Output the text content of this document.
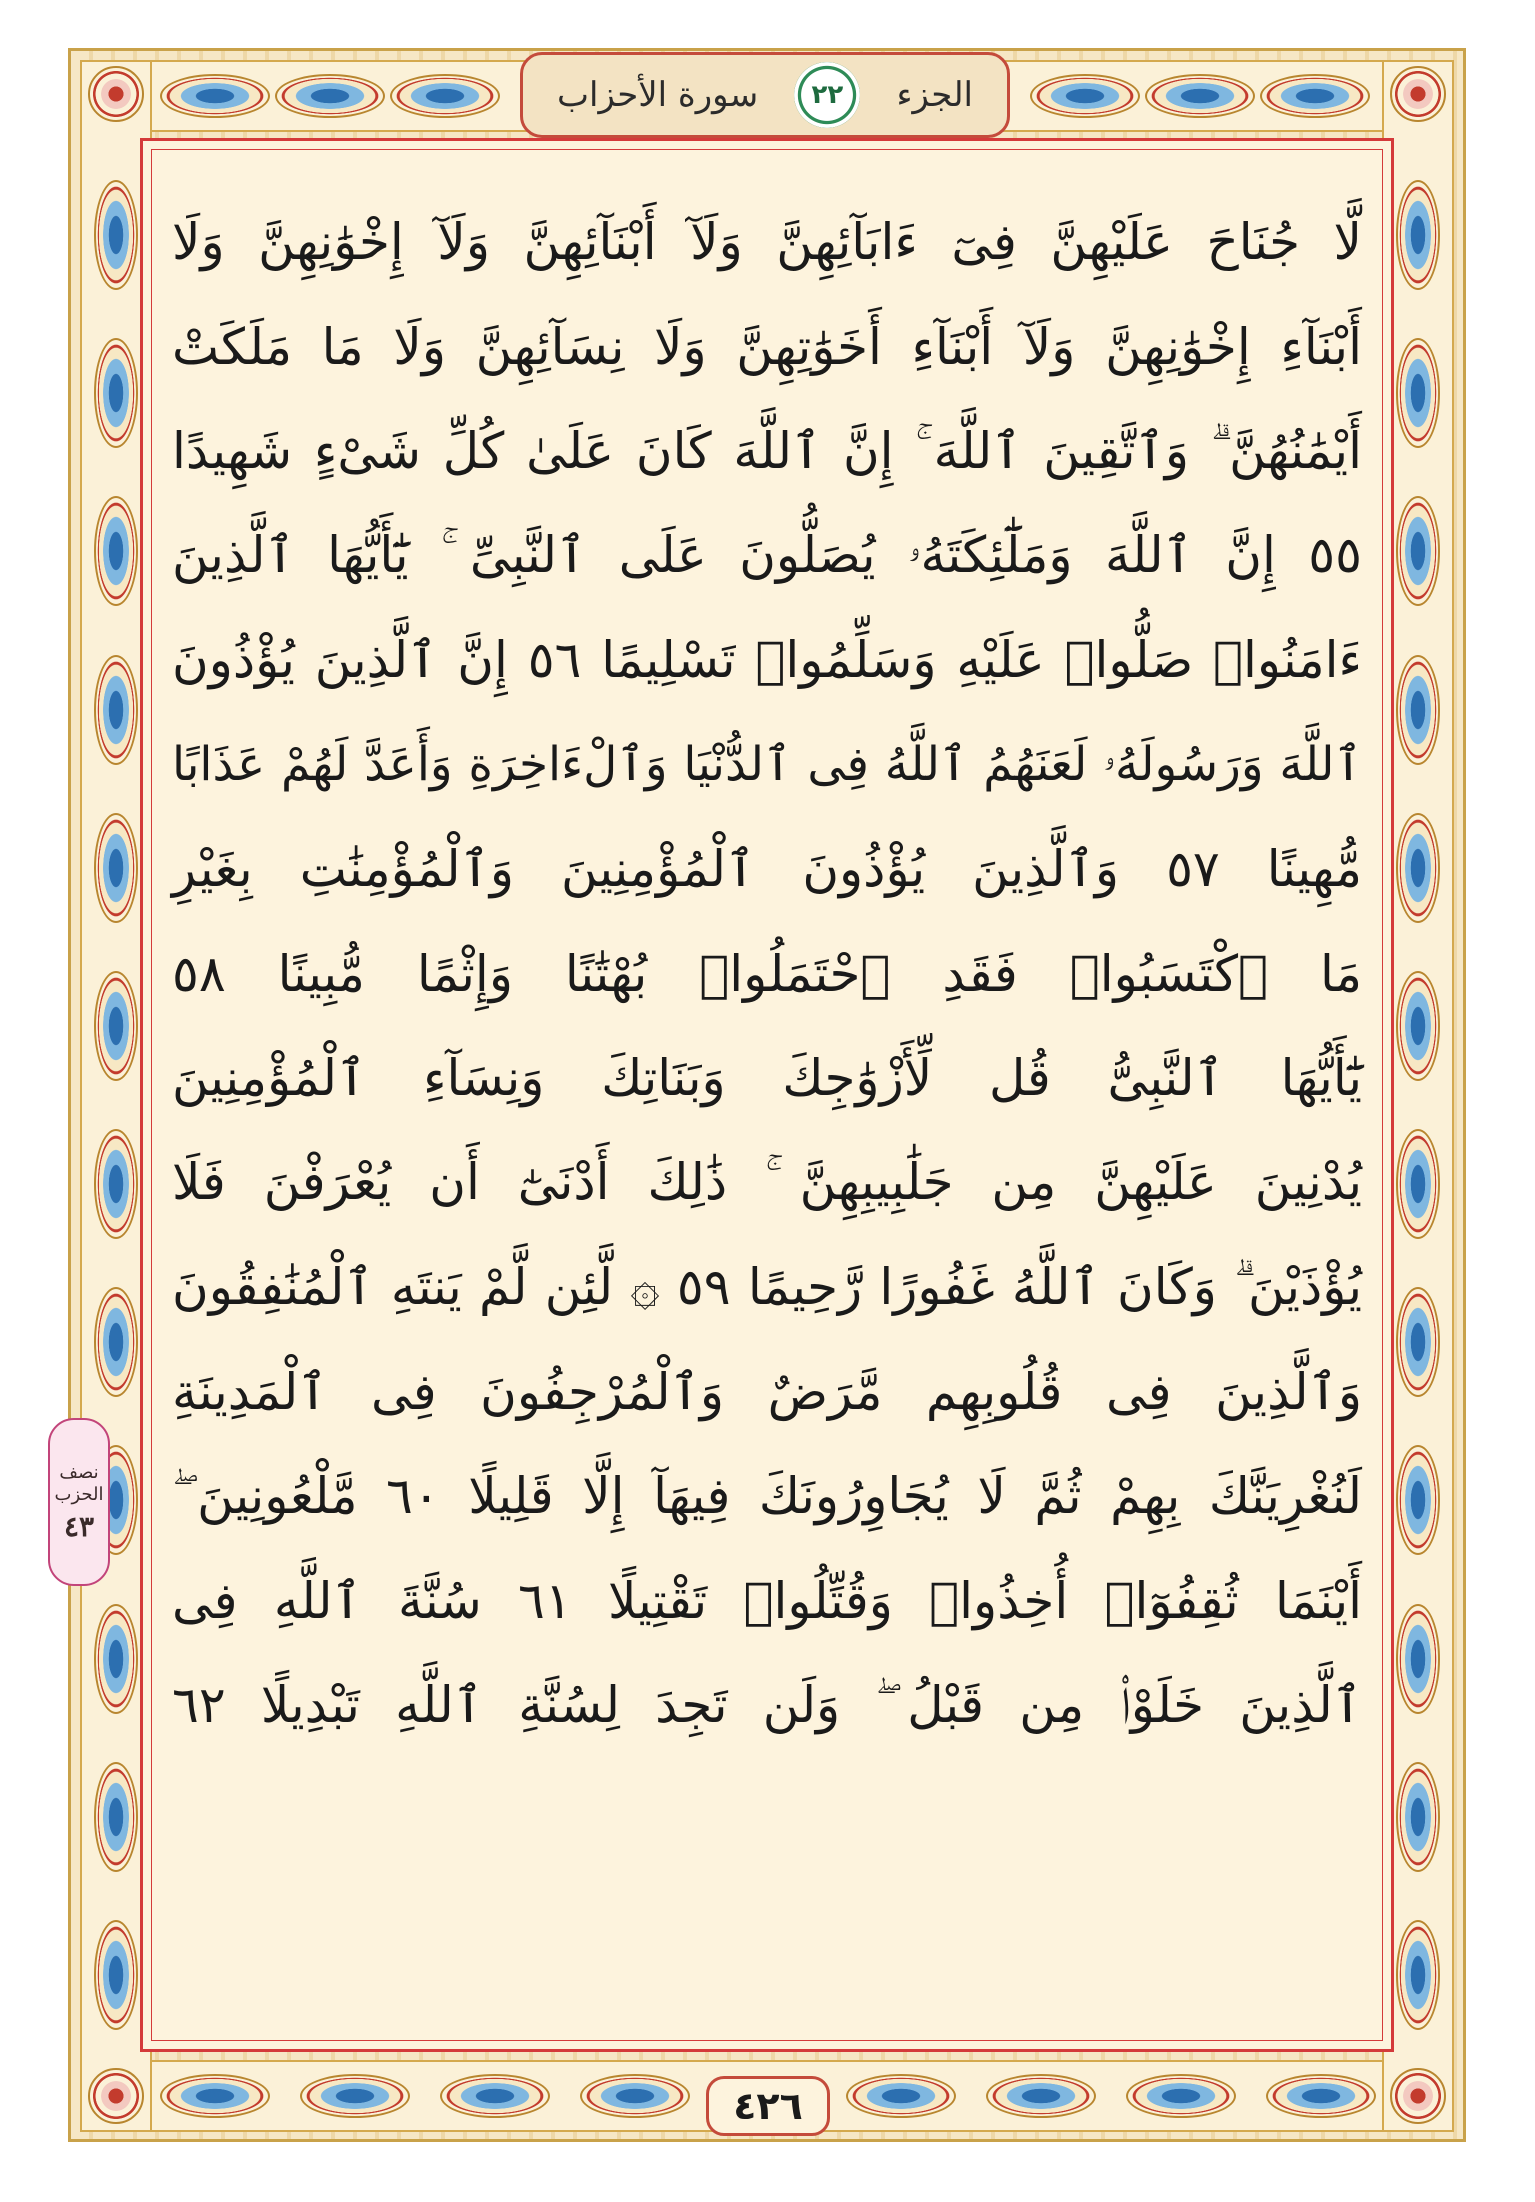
الجزء
٢٢
سورة الأحزاب
لَّا جُنَاحَ عَلَيْهِنَّ فِىٓ ءَابَآئِهِنَّ وَلَآ أَبْنَآئِهِنَّ وَلَآ إِخْوَٰنِهِنَّ وَلَا
أَبْنَآءِ إِخْوَٰنِهِنَّ وَلَآ أَبْنَآءِ أَخَوَٰتِهِنَّ وَلَا نِسَآئِهِنَّ وَلَا مَا مَلَكَتْ
أَيْمَٰنُهُنَّ ۗ وَٱتَّقِينَ ٱللَّهَ ۚ إِنَّ ٱللَّهَ كَانَ عَلَىٰ كُلِّ شَىْءٍ شَهِيدًا
٥٥ إِنَّ ٱللَّهَ وَمَلَٰٓئِكَتَهُۥ يُصَلُّونَ عَلَى ٱلنَّبِىِّ ۚ يَٰٓأَيُّهَا ٱلَّذِينَ
ءَامَنُوا۟ صَلُّوا۟ عَلَيْهِ وَسَلِّمُوا۟ تَسْلِيمًا ٥٦ إِنَّ ٱلَّذِينَ يُؤْذُونَ
ٱللَّهَ وَرَسُولَهُۥ لَعَنَهُمُ ٱللَّهُ فِى ٱلدُّنْيَا وَٱلْءَاخِرَةِ وَأَعَدَّ لَهُمْ عَذَابًا
مُّهِينًا ٥٧ وَٱلَّذِينَ يُؤْذُونَ ٱلْمُؤْمِنِينَ وَٱلْمُؤْمِنَٰتِ بِغَيْرِ
مَا ٱكْتَسَبُوا۟ فَقَدِ ٱحْتَمَلُوا۟ بُهْتَٰنًا وَإِثْمًا مُّبِينًا ٥٨
يَٰٓأَيُّهَا ٱلنَّبِىُّ قُل لِّأَزْوَٰجِكَ وَبَنَاتِكَ وَنِسَآءِ ٱلْمُؤْمِنِينَ
يُدْنِينَ عَلَيْهِنَّ مِن جَلَٰبِيبِهِنَّ ۚ ذَٰلِكَ أَدْنَىٰٓ أَن يُعْرَفْنَ فَلَا
يُؤْذَيْنَ ۗ وَكَانَ ٱللَّهُ غَفُورًا رَّحِيمًا ٥٩ ۞ لَّئِن لَّمْ يَنتَهِ ٱلْمُنَٰفِقُونَ
وَٱلَّذِينَ فِى قُلُوبِهِم مَّرَضٌ وَٱلْمُرْجِفُونَ فِى ٱلْمَدِينَةِ
لَنُغْرِيَنَّكَ بِهِمْ ثُمَّ لَا يُجَاوِرُونَكَ فِيهَآ إِلَّا قَلِيلًا ٦٠ مَّلْعُونِينَ ۖ
أَيْنَمَا ثُقِفُوٓا۟ أُخِذُوا۟ وَقُتِّلُوا۟ تَقْتِيلًا ٦١ سُنَّةَ ٱللَّهِ فِى
ٱلَّذِينَ خَلَوْا۟ مِن قَبْلُ ۖ وَلَن تَجِدَ لِسُنَّةِ ٱللَّهِ تَبْدِيلًا ٦٢
نصف
الحزب
٤٣
٤٢٦
